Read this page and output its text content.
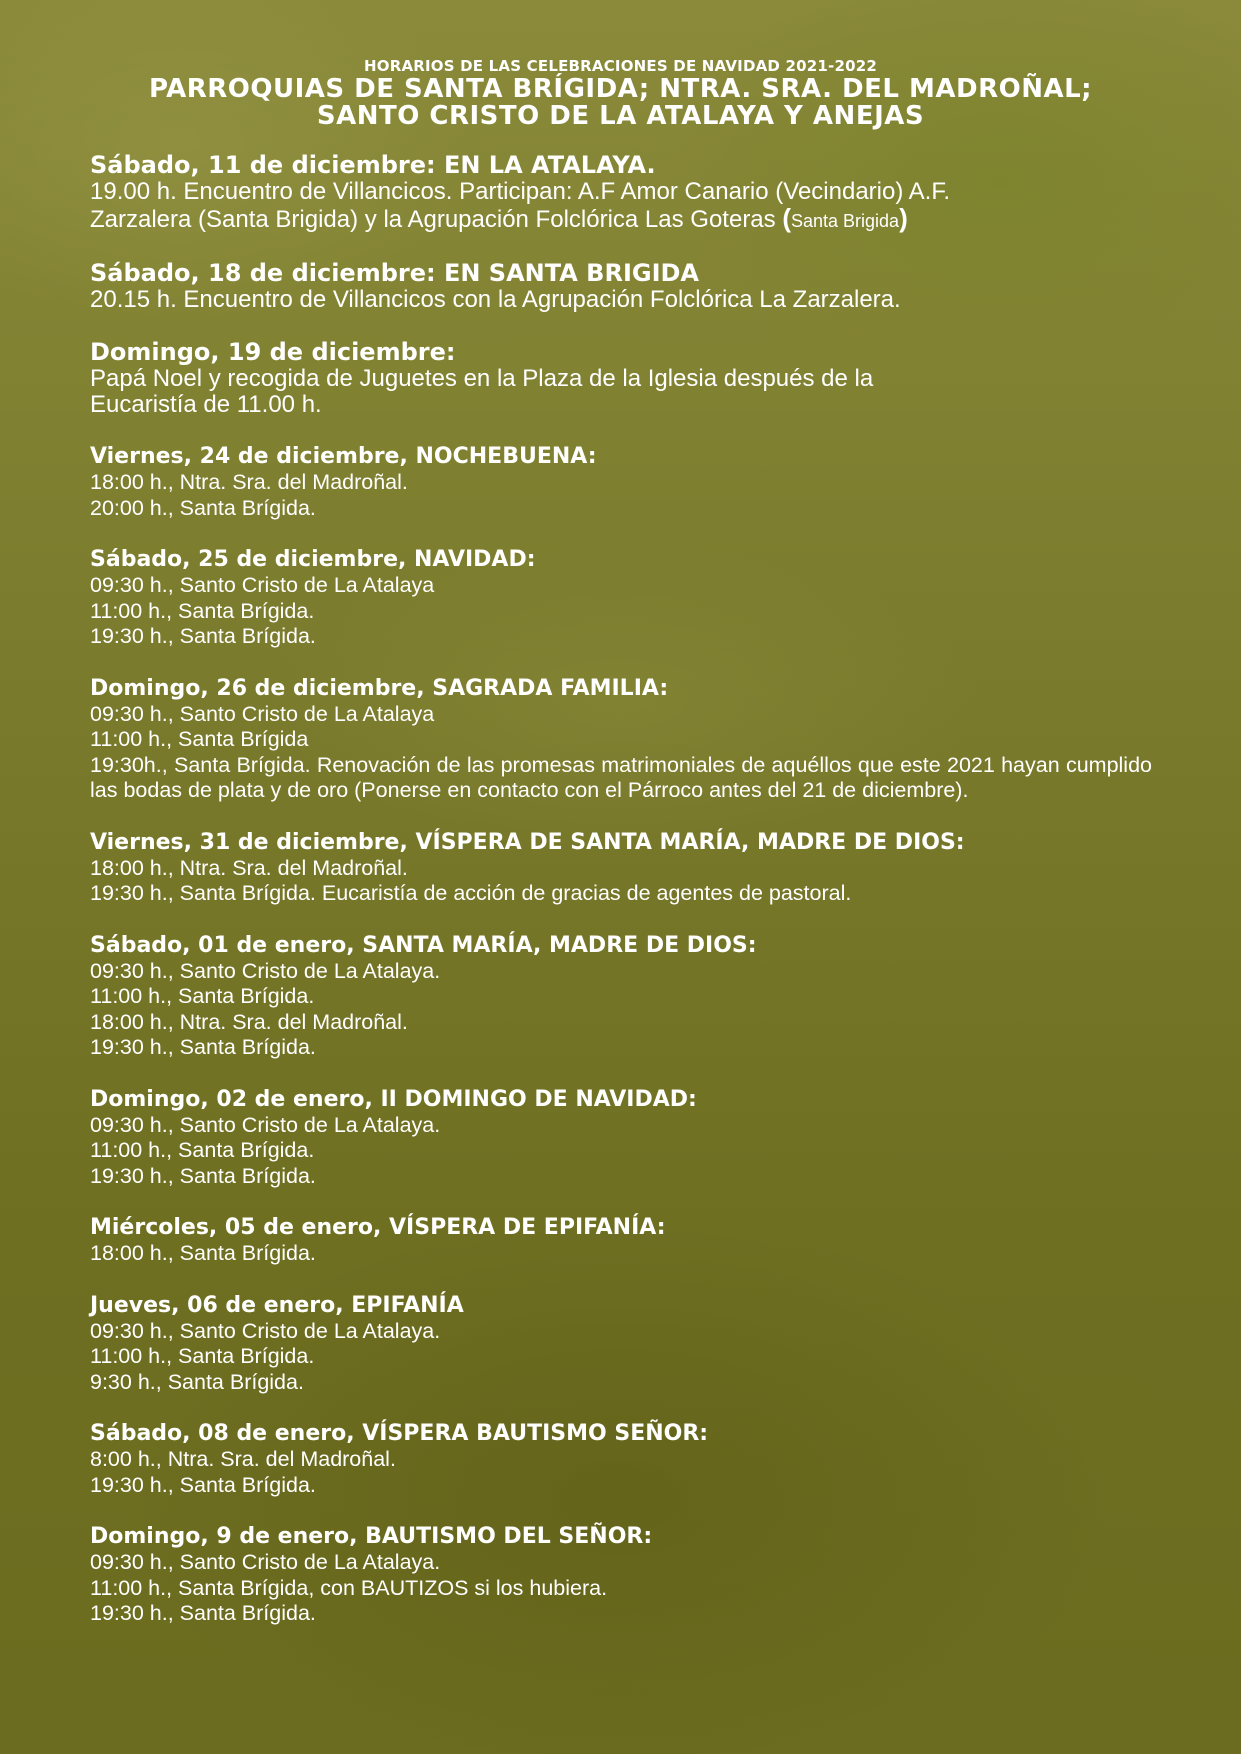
HORARIOS DE LAS CELEBRACIONES DE NAVIDAD 2021-2022
PARROQUIAS DE SANTA BRÍGIDA; NTRA. SRA. DEL MADROÑAL;
SANTO CRISTO DE LA ATALAYA Y ANEJAS
Sábado, 11 de diciembre: EN LA ATALAYA.
19.00 h. Encuentro de Villancicos. Participan: A.F Amor Canario (Vecindario) A.F.
Zarzalera (Santa Brigida) y la Agrupación Folclórica Las Goteras (Santa Brigida)
Sábado, 18 de diciembre: EN SANTA BRIGIDA
20.15 h. Encuentro de Villancicos con la Agrupación Folclórica La Zarzalera.
Domingo, 19 de diciembre:
Papá Noel y recogida de Juguetes en la Plaza de la Iglesia después de la
Eucaristía de 11.00 h.
Viernes, 24 de diciembre, NOCHEBUENA:
18:00 h., Ntra. Sra. del Madroñal.
20:00 h., Santa Brígida.
Sábado, 25 de diciembre, NAVIDAD:
09:30 h., Santo Cristo de La Atalaya
11:00 h., Santa Brígida.
19:30 h., Santa Brígida.
Domingo, 26 de diciembre, SAGRADA FAMILIA:
09:30 h., Santo Cristo de La Atalaya
11:00 h., Santa Brígida
19:30h., Santa Brígida. Renovación de las promesas matrimoniales de aquéllos que este 2021 hayan cumplido las bodas de plata y de oro (Ponerse en contacto con el Párroco antes del 21 de diciembre).
Viernes, 31 de diciembre, VÍSPERA DE SANTA MARÍA, MADRE DE DIOS:
18:00 h., Ntra. Sra. del Madroñal.
19:30 h., Santa Brígida. Eucaristía de acción de gracias de agentes de pastoral.
Sábado, 01 de enero, SANTA MARÍA, MADRE DE DIOS:
09:30 h., Santo Cristo de La Atalaya.
11:00 h., Santa Brígida.
18:00 h., Ntra. Sra. del Madroñal.
19:30 h., Santa Brígida.
Domingo, 02 de enero, II DOMINGO DE NAVIDAD:
09:30 h., Santo Cristo de La Atalaya.
11:00 h., Santa Brígida.
19:30 h., Santa Brígida.
Miércoles, 05 de enero, VÍSPERA DE EPIFANÍA:
18:00 h., Santa Brígida.
Jueves, 06 de enero, EPIFANÍA
09:30 h., Santo Cristo de La Atalaya.
11:00 h., Santa Brígida.
9:30 h., Santa Brígida.
Sábado, 08 de enero, VÍSPERA BAUTISMO SEÑOR:
8:00 h., Ntra. Sra. del Madroñal.
19:30 h., Santa Brígida.
Domingo, 9 de enero, BAUTISMO DEL SEÑOR:
09:30 h., Santo Cristo de La Atalaya.
11:00 h., Santa Brígida, con BAUTIZOS si los hubiera.
19:30 h., Santa Brígida.
